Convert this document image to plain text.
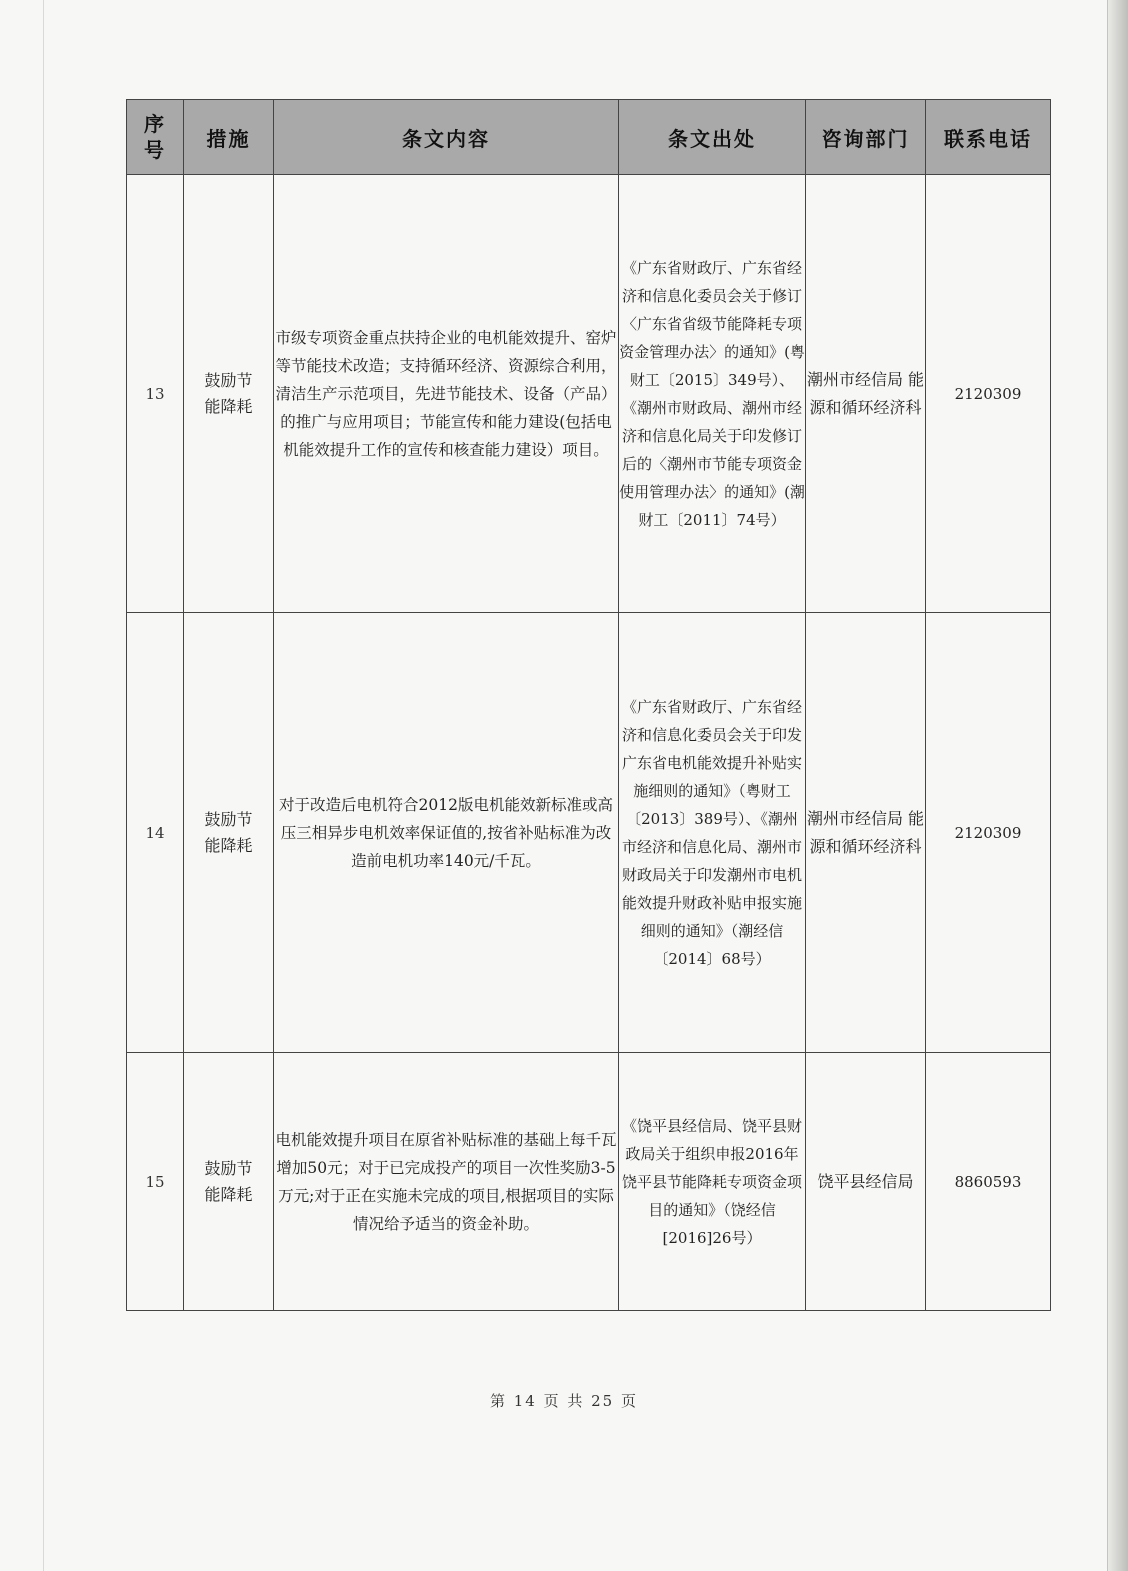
序
号	措施	条文内容	条文出处	咨询部门	联系电话
13	鼓励节能降耗	市级专项资金重点扶持企业的电机能效提升、窑炉等节能技术改造；支持循环经济、资源综合利用，清洁生产示范项目，先进节能技术、设备（产品）的推广与应用项目；节能宣传和能力建设(包括电机能效提升工作的宣传和核查能力建设）项目。	《广东省财政厅、广东省经济和信息化委员会关于修订〈广东省省级节能降耗专项资金管理办法〉的通知》(粤财工〔2015〕349号）、《潮州市财政局、潮州市经济和信息化局关于印发修订后的〈潮州市节能专项资金使用管理办法〉的通知》(潮财工〔2011〕74号）	潮州市经信局 能源和循环经济科	2120309
14	鼓励节能降耗	对于改造后电机符合2012版电机能效新标准或高压三相异步电机效率保证值的,按省补贴标准为改造前电机功率140元/千瓦。	《广东省财政厅、广东省经济和信息化委员会关于印发广东省电机能效提升补贴实施细则的通知》（粤财工〔2013〕389号）、《潮州市经济和信息化局、潮州市财政局关于印发潮州市电机能效提升财政补贴申报实施细则的通知》（潮经信〔2014〕68号）	潮州市经信局 能源和循环经济科	2120309
15	鼓励节能降耗	电机能效提升项目在原省补贴标准的基础上每千瓦增加50元；对于已完成投产的项目一次性奖励3-5万元;对于正在实施未完成的项目,根据项目的实际情况给予适当的资金补助。	《饶平县经信局、饶平县财政局关于组织申报2016年饶平县节能降耗专项资金项目的通知》（饶经信[2016]26号）	饶平县经信局	8860593
第 14 页 共 25 页
